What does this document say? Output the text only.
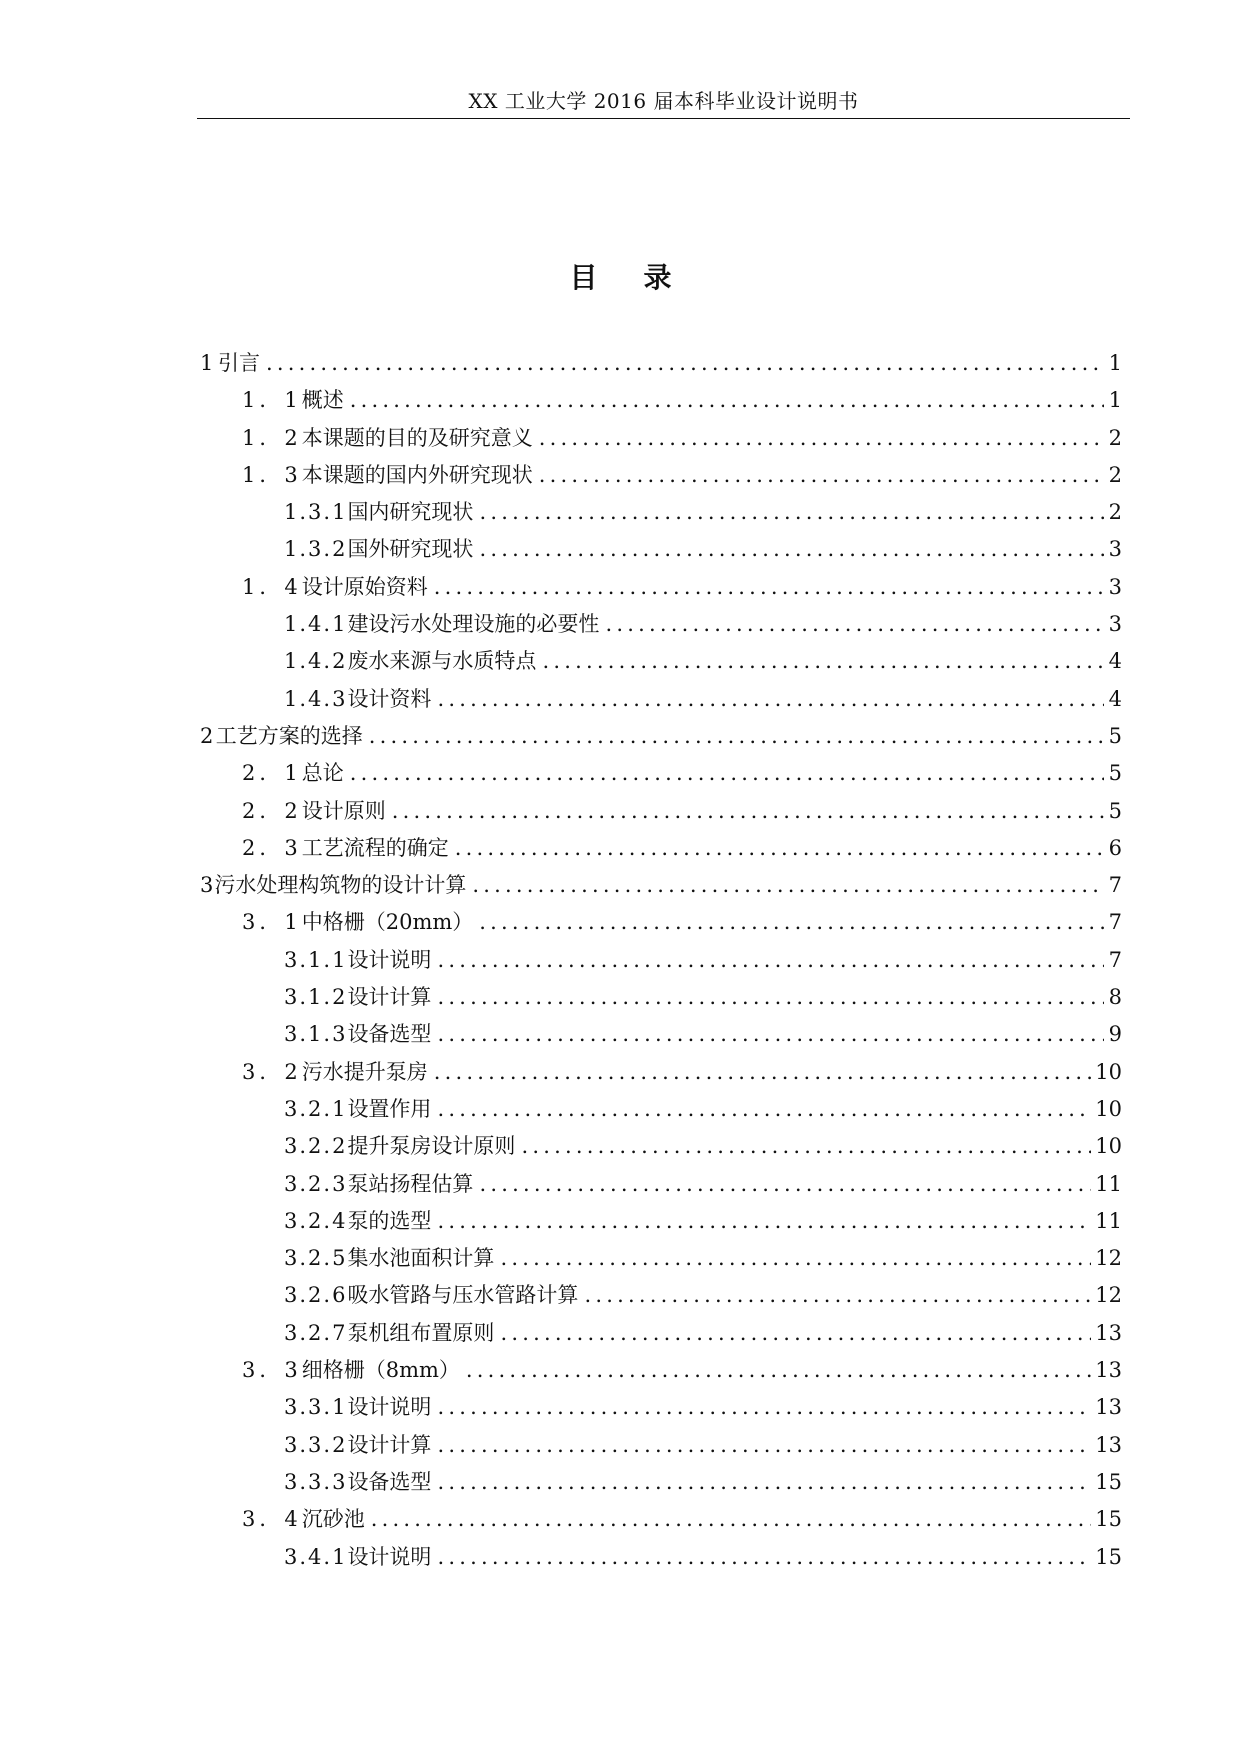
XX 工业大学 2016 届本科毕业设计说明书
目 录
1 引言 .....	1
1．1 概述 .....	1
1．2 本课题的目的及研究意义 .....	2
1．3 本课题的国内外研究现状 .....	2
1.3.1 国内研究现状 .....	2
1.3.2 国外研究现状 .....	3
1．4 设计原始资料 .....	3
1.4.1 建设污水处理设施的必要性 .....	3
1.4.2 废水来源与水质特点 .....	4
1.4.3 设计资料 .....	4
2 工艺方案的选择 .....	5
2．1 总论 .....	5
2．2 设计原则 .....	5
2．3 工艺流程的确定 .....	6
3 污水处理构筑物的设计计算 .....	7
3．1 中格栅（20mm） .....	7
3.1.1 设计说明 .....	7
3.1.2 设计计算 .....	8
3.1.3 设备选型 .....	9
3．2 污水提升泵房 .....	10
3.2.1 设置作用 .....	10
3.2.2 提升泵房设计原则 .....	10
3.2.3 泵站扬程估算 .....	11
3.2.4 泵的选型 .....	11
3.2.5 集水池面积计算 .....	12
3.2.6 吸水管路与压水管路计算 .....	12
3.2.7 泵机组布置原则 .....	13
3．3 细格栅（8mm） .....	13
3.3.1 设计说明 .....	13
3.3.2 设计计算 .....	13
3.3.3 设备选型 .....	15
3．4 沉砂池 .....	15
3.4.1 设计说明 .....	15
